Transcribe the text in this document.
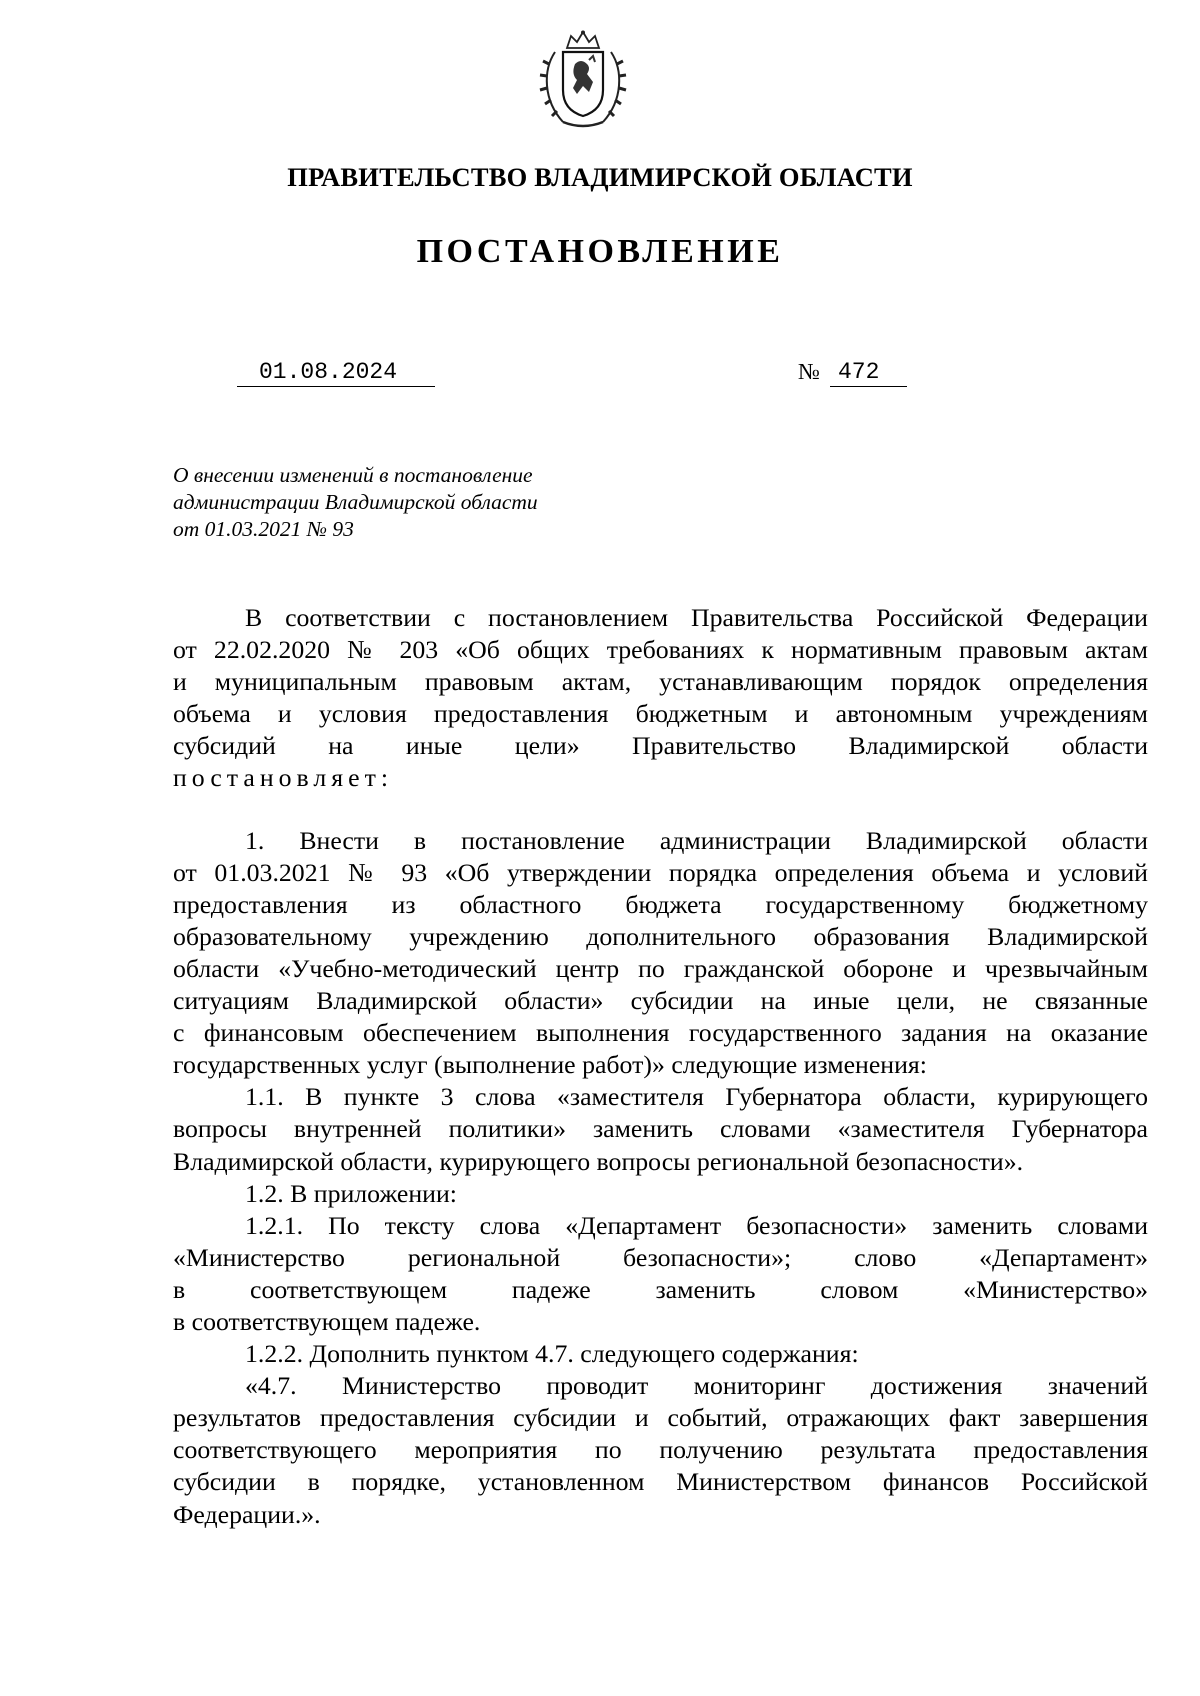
ПРАВИТЕЛЬСТВО ВЛАДИМИРСКОЙ ОБЛАСТИ
ПОСТАНОВЛЕНИЕ
01.08.2024	№ 472
О внесении изменений в постановление
администрации Владимирской области
от 01.03.2021 № 93

В соответствии с постановлением Правительства Российской Федерации

от 22.02.2020 № 203 «Об общих требованиях к нормативным правовым актам

и муниципальным правовым актам, устанавливающим порядок определения

объема и условия предоставления бюджетным и автономным учреждениям

субсидий на иные цели» Правительство Владимирской области

постановляет:

1. Внести в постановление администрации Владимирской области

от 01.03.2021 № 93 «Об утверждении порядка определения объема и условий

предоставления из областного бюджета государственному бюджетному

образовательному учреждению дополнительного образования Владимирской

области «Учебно-методический центр по гражданской обороне и чрезвычайным

ситуациям Владимирской области» субсидии на иные цели, не связанные

с финансовым обеспечением выполнения государственного задания на оказание

государственных услуг (выполнение работ)» следующие изменения:

1.1. В пункте 3 слова «заместителя Губернатора области, курирующего

вопросы внутренней политики» заменить словами «заместителя Губернатора

Владимирской области, курирующего вопросы региональной безопасности».

1.2. В приложении:

1.2.1. По тексту слова «Департамент безопасности» заменить словами

«Министерство региональной безопасности»; слово «Департамент»

в соответствующем падеже заменить словом «Министерство»

в соответствующем падеже.

1.2.2. Дополнить пунктом 4.7. следующего содержания:

«4.7. Министерство проводит мониторинг достижения значений

результатов предоставления субсидии и событий, отражающих факт завершения

соответствующего мероприятия по получению результата предоставления

субсидии в порядке, установленном Министерством финансов Российской

Федерации.».
